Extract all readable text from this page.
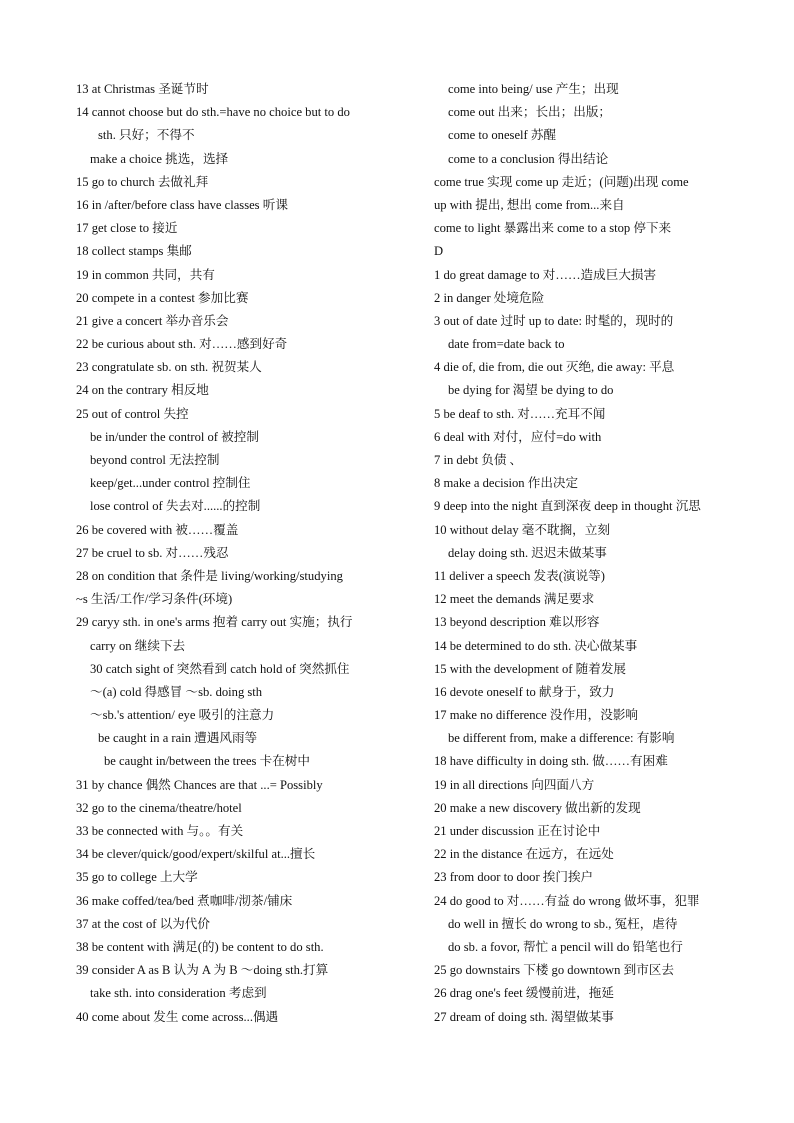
13 at Christmas 圣诞节时
14 cannot choose but do sth.=have no choice but to do
sth. 只好；不得不
make a choice 挑选，选择
15 go to church 去做礼拜
16 in /after/before class have classes 听课
17 get close to 接近
18 collect stamps 集邮
19 in common 共同，共有
20 compete in a contest 参加比赛
21 give a concert 举办音乐会
22 be curious about sth. 对……感到好奇
23 congratulate sb. on sth. 祝贺某人
24 on the contrary 相反地
25 out of control 失控
be in/under the control of 被控制
beyond control 无法控制
keep/get...under control 控制住
lose control of 失去对......的控制
26 be covered with 被……覆盖
27 be cruel to sb. 对……残忍
28 on condition that 条件是 living/working/studying
~s 生活/工作/学习条件(环境)
29 caryy sth. in one's arms 抱着 carry out 实施；执行
carry on 继续下去
30 catch sight of 突然看到 catch hold of 突然抓住
～(a) cold 得感冒 ～sb. doing sth
～sb.'s attention/ eye 吸引的注意力
be caught in a rain 遭遇风雨等
be caught in/between the trees 卡在树中
31 by chance 偶然 Chances are that ...= Possibly
32 go to the cinema/theatre/hotel
33 be connected with 与。。有关
34 be clever/quick/good/expert/skilful at...擅长
35 go to college 上大学
36 make coffed/tea/bed 煮咖啡/沏茶/铺床
37 at the cost of 以为代价
38 be content with 满足(的) be content to do sth.
39 consider A as B 认为 A 为 B ～doing sth.打算
take sth. into consideration 考虑到
40 come about 发生 come across...偶遇
come into being/ use 产生；出现
come out 出来；长出；出版；
come to oneself 苏醒
come to a conclusion 得出结论
come true 实现 come up 走近；(问题)出现 come
up with 提出, 想出 come from...来自
come to light 暴露出来 come to a stop 停下来
D
1 do great damage to 对……造成巨大损害
2 in danger 处境危险
3 out of date 过时 up to date: 时髦的，现时的
date from=date back to
4 die of, die from, die out 灭绝, die away: 平息
be dying for 渴望 be dying to do
5 be deaf to sth. 对……充耳不闻
6 deal with 对付，应付=do with
7 in debt 负债 、
8 make a decision 作出决定
9 deep into the night 直到深夜 deep in thought 沉思
10 without delay 毫不耽搁，立刻
delay doing sth. 迟迟未做某事
11 deliver a speech 发表(演说等)
12 meet the demands 满足要求
13 beyond description 难以形容
14 be determined to do sth. 决心做某事
15 with the development of 随着发展
16 devote oneself to 献身于，致力
17 make no difference 没作用，没影响
be different from, make a difference: 有影响
18 have difficulty in doing sth. 做……有困难
19 in all directions 向四面八方
20 make a new discovery 做出新的发现
21 under discussion 正在讨论中
22 in the distance 在远方，在远处
23 from door to door 挨门挨户
24 do good to 对……有益 do wrong 做坏事，犯罪
do well in 擅长 do wrong to sb., 冤枉，虐待
do sb. a fovor, 帮忙 a pencil will do 铅笔也行
25 go downstairs 下楼 go downtown 到市区去
26 drag one's feet 缓慢前进，拖延
27 dream of doing sth. 渴望做某事
